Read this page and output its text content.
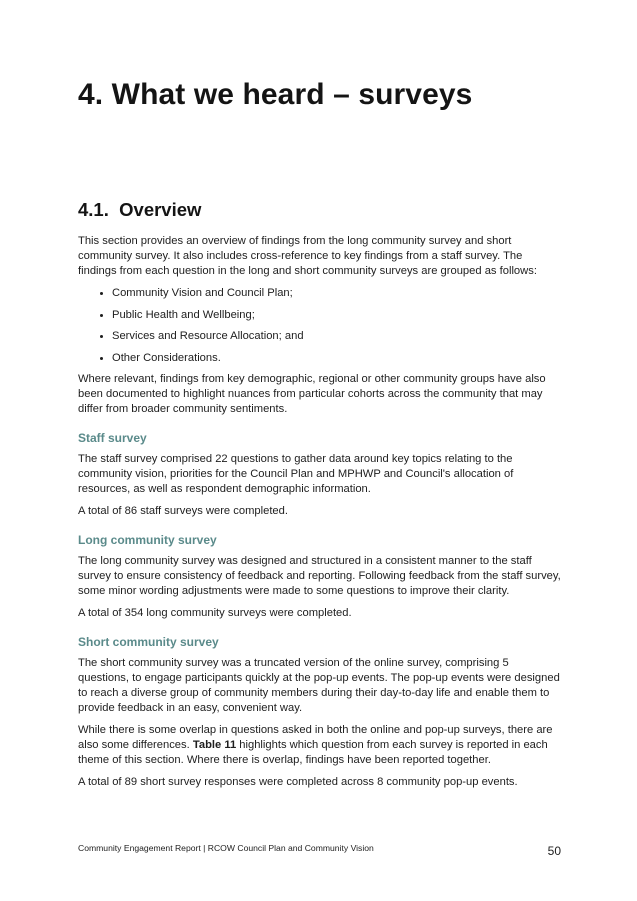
4. What we heard – surveys
4.1. Overview

This section provides an overview of findings from the long community survey and short community survey. It also includes cross-reference to key findings from a staff survey. The findings from each question in the long and short community surveys are grouped as follows:

• Community Vision and Council Plan;
• Public Health and Wellbeing;
• Services and Resource Allocation; and
• Other Considerations.

Where relevant, findings from key demographic, regional or other community groups have also been documented to highlight nuances from particular cohorts across the community that may differ from broader community sentiments.

Staff survey

The staff survey comprised 22 questions to gather data around key topics relating to the community vision, priorities for the Council Plan and MPHWP and Council's allocation of resources, as well as respondent demographic information.

A total of 86 staff surveys were completed.

Long community survey

The long community survey was designed and structured in a consistent manner to the staff survey to ensure consistency of feedback and reporting. Following feedback from the staff survey, some minor wording adjustments were made to some questions to improve their clarity.

A total of 354 long community surveys were completed.

Short community survey

The short community survey was a truncated version of the online survey, comprising 5 questions, to engage participants quickly at the pop-up events. The pop-up events were designed to reach a diverse group of community members during their day-to-day life and enable them to provide feedback in an easy, convenient way.

While there is some overlap in questions asked in both the online and pop-up surveys, there are also some differences. Table 11 highlights which question from each survey is reported in each theme of this section. Where there is overlap, findings have been reported together.

A total of 89 short survey responses were completed across 8 community pop-up events.

Community Engagement Report | RCOW Council Plan and Community Vision	50
